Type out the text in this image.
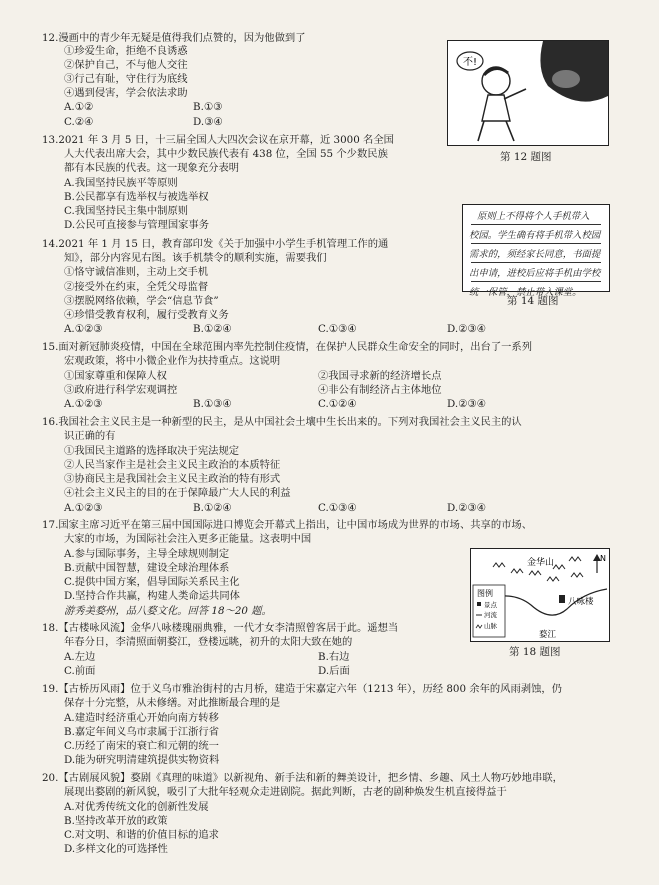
12.漫画中的青少年无疑是值得我们点赞的，因为他做到了
①珍爱生命，拒绝不良诱惑
②保护自己，不与他人交往
③行己有耻，守住行为底线
④遇到侵害，学会依法求助
A.①②	B.①③
C.②④	D.③④
不!
第 12 题图
13.2021 年 3 月 5 日，十三届全国人大四次会议在京开幕，近 3000 名全国
人大代表出席大会，其中少数民族代表有 438 位，全国 55 个少数民族
都有本民族的代表。这一现象充分表明
A.我国坚持民族平等原则
B.公民都享有选举权与被选举权
C.我国坚持民主集中制原则
D.公民可直接参与管理国家事务
原则上不得将个人手机带入
校园。学生确有将手机带入校园
需求的，须经家长同意，书面提
出申请，进校后应将手机由学校
统一保管，禁止带入课堂。
第 14 题图
14.2021 年 1 月 15 日，教育部印发《关于加强中小学生手机管理工作的通
知》，部分内容见右图。该手机禁令的顺利实施，需要我们
①恪守诚信准则，主动上交手机
②接受外在约束，全凭父母监督
③摆脱网络依赖，学会“信息节食”
④珍惜受教育权利，履行受教育义务
A.①②③	B.①②④	C.①③④	D.②③④
15.面对新冠肺炎疫情，中国在全球范围内率先控制住疫情，在保护人民群众生命安全的同时，出台了一系列
宏观政策，将中小微企业作为扶持重点。这说明
①国家尊重和保障人权	②我国寻求新的经济增长点
③政府进行科学宏观调控	④非公有制经济占主体地位
A.①②③	B.①③④	C.①②④	D.②③④
16.我国社会主义民主是一种新型的民主，是从中国社会土壤中生长出来的。下列对我国社会主义民主的认
识正确的有
①我国民主道路的选择取决于宪法规定
②人民当家作主是社会主义民主政治的本质特征
③协商民主是我国社会主义民主政治的特有形式
④社会主义民主的目的在于保障最广大人民的利益
A.①②③	B.①②④	C.①③④	D.②③④
17.国家主席习近平在第三届中国国际进口博览会开幕式上指出，让中国市场成为世界的市场、共享的市场、
大家的市场，为国际社会注入更多正能量。这表明中国
A.参与国际事务，主导全球规则制定
B.贡献中国智慧，建设全球治理体系
C.提供中国方案，倡导国际关系民主化
D.坚持合作共赢，构建人类命运共同体
游秀美婺州，品八婺文化。回答 18～20 题。
金华山	N
八咏楼
婺江
图例
景点
河流
山脉
第 18 题图
18.【古楼咏风流】金华八咏楼瑰丽典雅，一代才女李清照曾客居于此。遥想当
年春分日，李清照面朝婺江，登楼远眺，初升的太阳大致在她的
A.左边	B.右边
C.前面	D.后面
19.【古桥历风雨】位于义乌市雅治街村的古月桥，建造于宋嘉定六年（1213 年），历经 800 余年的风雨剥蚀，仍
保存十分完整，从未修缮。对此推断最合理的是
A.建造时经济重心开始向南方转移
B.嘉定年间义乌市隶属于江浙行省
C.历经了南宋的衰亡和元朝的统一
D.能为研究明清建筑提供实物资料
20.【古剧展风貌】婺剧《真理的味道》以新视角、新手法和新的舞美设计，把乡情、乡趣、风土人物巧妙地串联，
展现出婺剧的新风貌，吸引了大批年轻观众走进剧院。据此判断，古老的剧种焕发生机直接得益于
A.对优秀传统文化的创新性发展
B.坚持改革开放的政策
C.对文明、和谐的价值目标的追求
D.多样文化的可选择性
